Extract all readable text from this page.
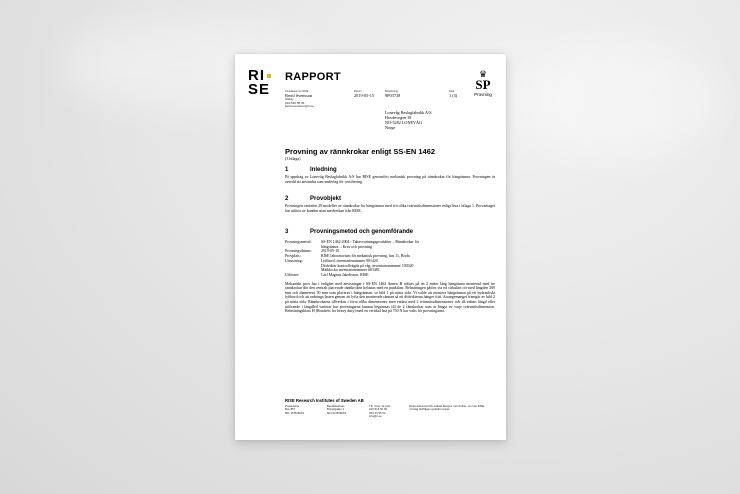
RI
SE
RAPPORT	♛
SP
Provning
Kontaktperson RISE
Bertil Svensson
Safety
010-516 55 36
bertil.svensson@ri.se
Datum
2019-05-15
Beteckning
9P03738
Sida
1 (3)
Lonevåg Beslagfabrikk A/S
Hovdevegen 18
NO-5282 LONEVÅG
Norge
Provning av rännkrokar enligt SS-EN 1462
(3 bilaga)
1	Inledning

På uppdrag av Lonevåg Beslagfabrikk A/S har RISE genomfört mekanisk provning på rännkrokar för hängrännor. Provningen är avsedd att användas som underlag för certifiering.

2	Provobjekt

Provningen omfattar 29 modeller av rännkrokar för hängrännor med tvä olika tvärsnittsdimensioner enligt lista i bilaga 1. Provartiaget har utförts av kunden utan medverkan från RISE.

3	Provningsmetod och genomförande
Provningsmetod:	SS-EN 1462:2004 - Takavvattningsprodukter – Rännkrokar för
hängrännor – Krav och provning
Provningsdatum:	2019-05-10
Provplats:	RISE laboratorium för mekanisk provning, hus 11, Borås
Utrustning:	Lyftbord, inventarienummer 901420
Dödviktsr kontrollvägda på våg, inventarienummer 100320
Mätklocka inventarienummer #03481
Utförare:	Carl Magnus Jakobsson, RISE

Mekaniskt prov har i enlighet med anvisningar i SS-EN 1462 Annex B utförts på en 2 meter lång hängränna monterad med tre rännkrokar där den centralt placerade rännkroken belastas med en punktlast. Belastningen påförs via ett cirkulärt rör med längden 300 mm och diametern 50 mm som placeras i hängrännan, se bild 1 på nästa sida. Vi valde att montera hängrännan på ett hydrauliskt lyftbord och att anbringa lasten genom att lyfta den monterade rännan så att dödvikterna hänger fritt. Arrangemanget framgår av bild 2 på nästa sida. Rännkrokarna tillverkas i förra olika dimensioner men endast med 2 tvärsnittsdimensioner och då enbart längd eller utförande i längdled varierar har provningarna kunnat begränsas till de 2 rännkrokar som är längst av varje tvärsnittsdimension. Belastningsklass H (Brackets for heavy duty) med en vertikal last på 750 N har valts för provningarna.

RISE Research Institutes of Sweden AB
Postadress
Box 857
501 15 BORÅS
Besöksadress
Brinellgatan 4
504 62 BORÅS
Tfn / Fax / E-post
010-516 50 00
033-13 55 02
info@ri.se
Detta dokument får endast återges i sin helhet, om inte RISE
i förväg skriftligen godkänt annat.
